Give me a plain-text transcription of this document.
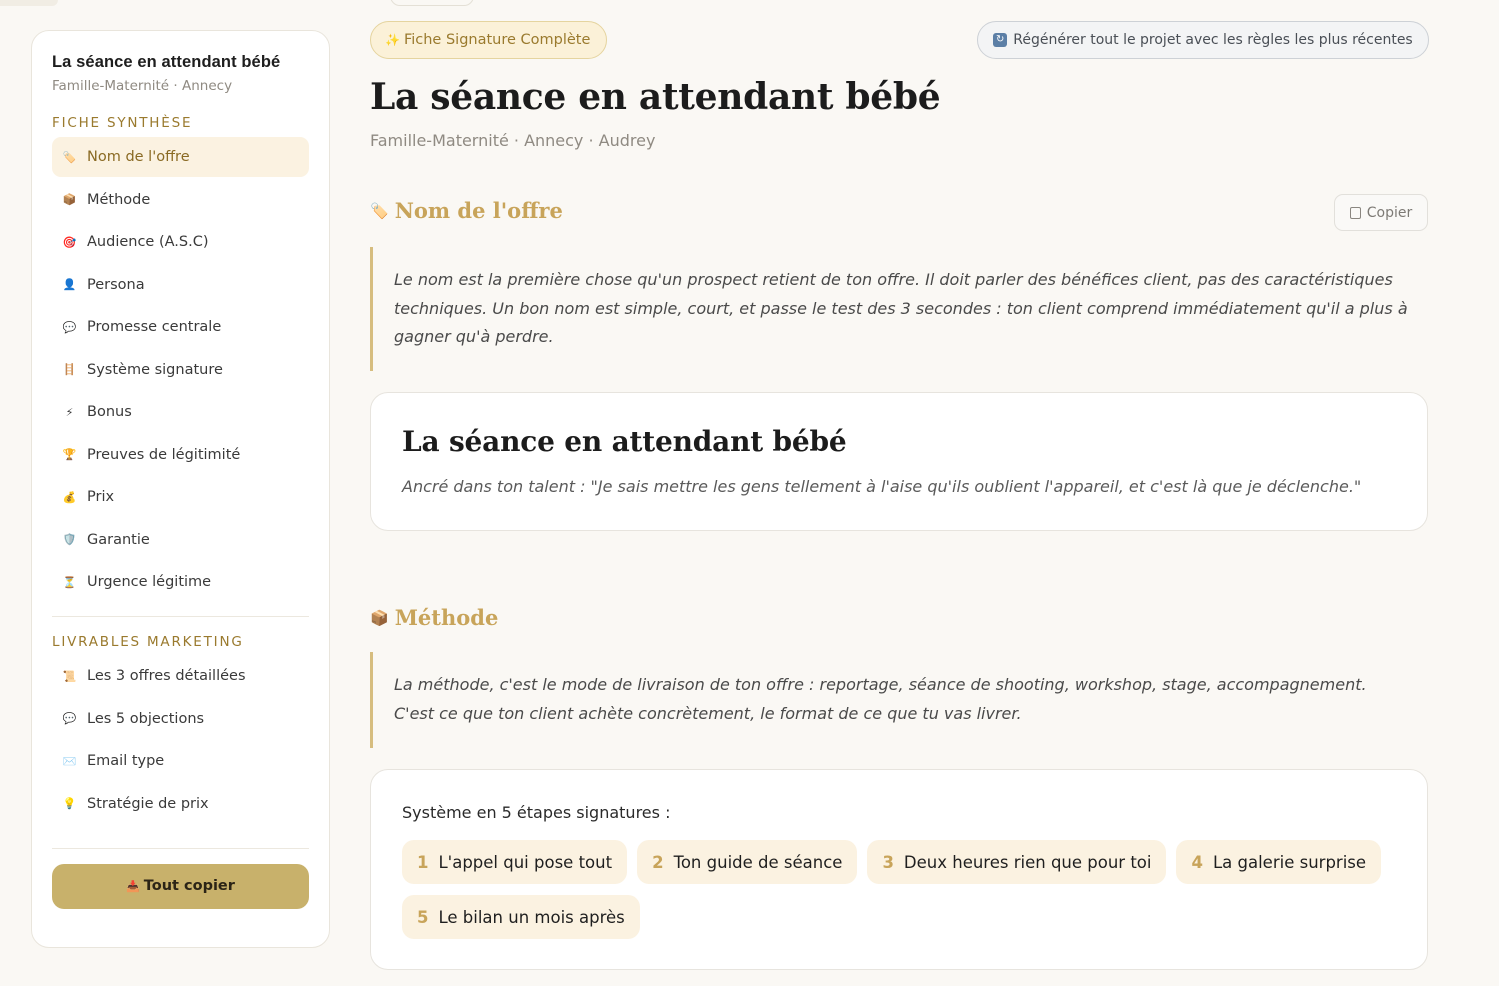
La séance en attendant bébé
Famille-Maternité · Annecy
FICHE SYNTHÈSE
🏷️ Nom de l'offre
📦 Méthode
🎯 Audience (A.S.C)
👤 Persona
💬 Promesse centrale
🪜 Système signature
⚡ Bonus
🏆 Preuves de légitimité
💰 Prix
🛡️ Garantie
⏳ Urgence légitime
LIVRABLES MARKETING
📜 Les 3 offres détaillées
💬 Les 5 objections
✉️ Email type
💡 Stratégie de prix
📥 Tout copier
✨ Fiche Signature Complète	↻ Régénérer tout le projet avec les règles les plus récentes
La séance en attendant bébé
Famille-Maternité · Annecy · Audrey
🏷️ Nom de l'offre	Copier
Le nom est la première chose qu'un prospect retient de ton offre. Il doit parler des bénéfices client, pas des caractéristiques techniques. Un bon nom est simple, court, et passe le test des 3 secondes : ton client comprend immédiatement qu'il a plus à gagner qu'à perdre.
La séance en attendant bébé
Ancré dans ton talent : "Je sais mettre les gens tellement à l'aise qu'ils oublient l'appareil, et c'est là que je déclenche."
📦 Méthode
La méthode, c'est le mode de livraison de ton offre : reportage, séance de shooting, workshop, stage, accompagnement. C'est ce que ton client achète concrètement, le format de ce que tu vas livrer.
Système en 5 étapes signatures :
1 L'appel qui pose tout 2 Ton guide de séance 3 Deux heures rien que pour toi 4 La galerie surprise
5 Le bilan un mois après
